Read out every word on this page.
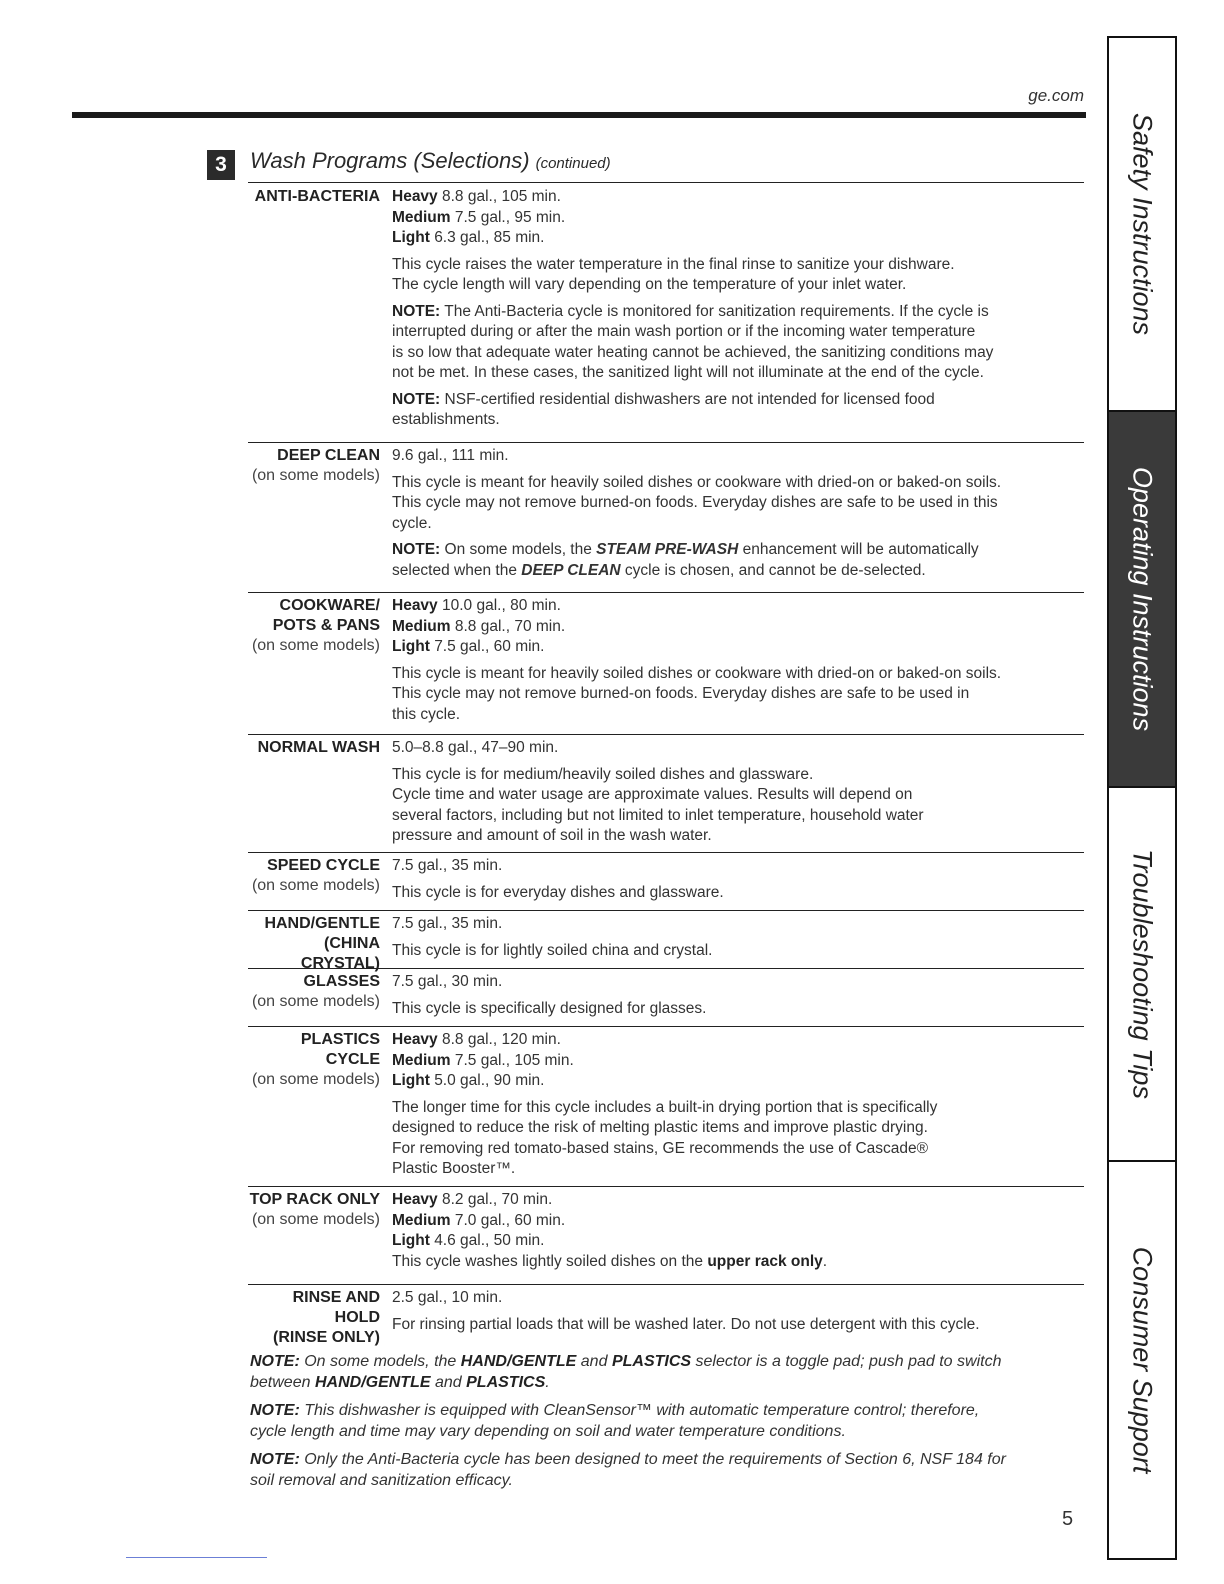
ge.com
3	Wash Programs (Selections) (continued)
ANTI-BACTERIA Heavy 8.8 gal., 105 min.
Medium 7.5 gal., 95 min.
Light 6.3 gal., 85 min.

This cycle raises the water temperature in the final rinse to sanitize your dishware.
The cycle length will vary depending on the temperature of your inlet water.

NOTE: The Anti-Bacteria cycle is monitored for sanitization requirements. If the cycle is
interrupted during or after the main wash portion or if the incoming water temperature
is so low that adequate water heating cannot be achieved, the sanitizing conditions may
not be met. In these cases, the sanitized light will not illuminate at the end of the cycle.

NOTE: NSF-certified residential dishwashers are not intended for licensed food
establishments.

DEEP CLEAN
(on some models)
9.6 gal., 111 min.

This cycle is meant for heavily soiled dishes or cookware with dried-on or baked-on soils.
This cycle may not remove burned-on foods. Everyday dishes are safe to be used in this
cycle.

NOTE: On some models, the STEAM PRE-WASH enhancement will be automatically
selected when the DEEP CLEAN cycle is chosen, and cannot be de-selected.

COOKWARE/
POTS & PANS
(on some models)
Heavy 10.0 gal., 80 min.
Medium 8.8 gal., 70 min.
Light 7.5 gal., 60 min.

This cycle is meant for heavily soiled dishes or cookware with dried-on or baked-on soils.
This cycle may not remove burned-on foods. Everyday dishes are safe to be used in
this cycle.

NORMAL WASH 5.0–8.8 gal., 47–90 min.

This cycle is for medium/heavily soiled dishes and glassware.
Cycle time and water usage are approximate values. Results will depend on
several factors, including but not limited to inlet temperature, household water
pressure and amount of soil in the wash water.

SPEED CYCLE
(on some models)
7.5 gal., 35 min.

This cycle is for everyday dishes and glassware.

HAND/GENTLE
(CHINA CRYSTAL)
7.5 gal., 35 min.

This cycle is for lightly soiled china and crystal.

GLASSES
(on some models)
7.5 gal., 30 min.

This cycle is specifically designed for glasses.

PLASTICS CYCLE
(on some models)
Heavy 8.8 gal., 120 min.
Medium 7.5 gal., 105 min.
Light 5.0 gal., 90 min.

The longer time for this cycle includes a built-in drying portion that is specifically
designed to reduce the risk of melting plastic items and improve plastic drying.
For removing red tomato-based stains, GE recommends the use of Cascade®
Plastic Booster™.

TOP RACK ONLY
(on some models)
Heavy 8.2 gal., 70 min.
Medium 7.0 gal., 60 min.
Light 4.6 gal., 50 min.
This cycle washes lightly soiled dishes on the upper rack only.
RINSE AND HOLD
(RINSE ONLY)
2.5 gal., 10 min.

For rinsing partial loads that will be washed later. Do not use detergent with this cycle.

NOTE: On some models, the HAND/GENTLE and PLASTICS selector is a toggle pad; push pad to switch
between HAND/GENTLE and PLASTICS.

NOTE: This dishwasher is equipped with CleanSensor™ with automatic temperature control; therefore,
cycle length and time may vary depending on soil and water temperature conditions.

NOTE: Only the Anti-Bacteria cycle has been designed to meet the requirements of Section 6, NSF 184 for
soil removal and sanitization efficacy.

5
Safety Instructions
Operating Instructions
Troubleshooting Tips
Consumer Support
